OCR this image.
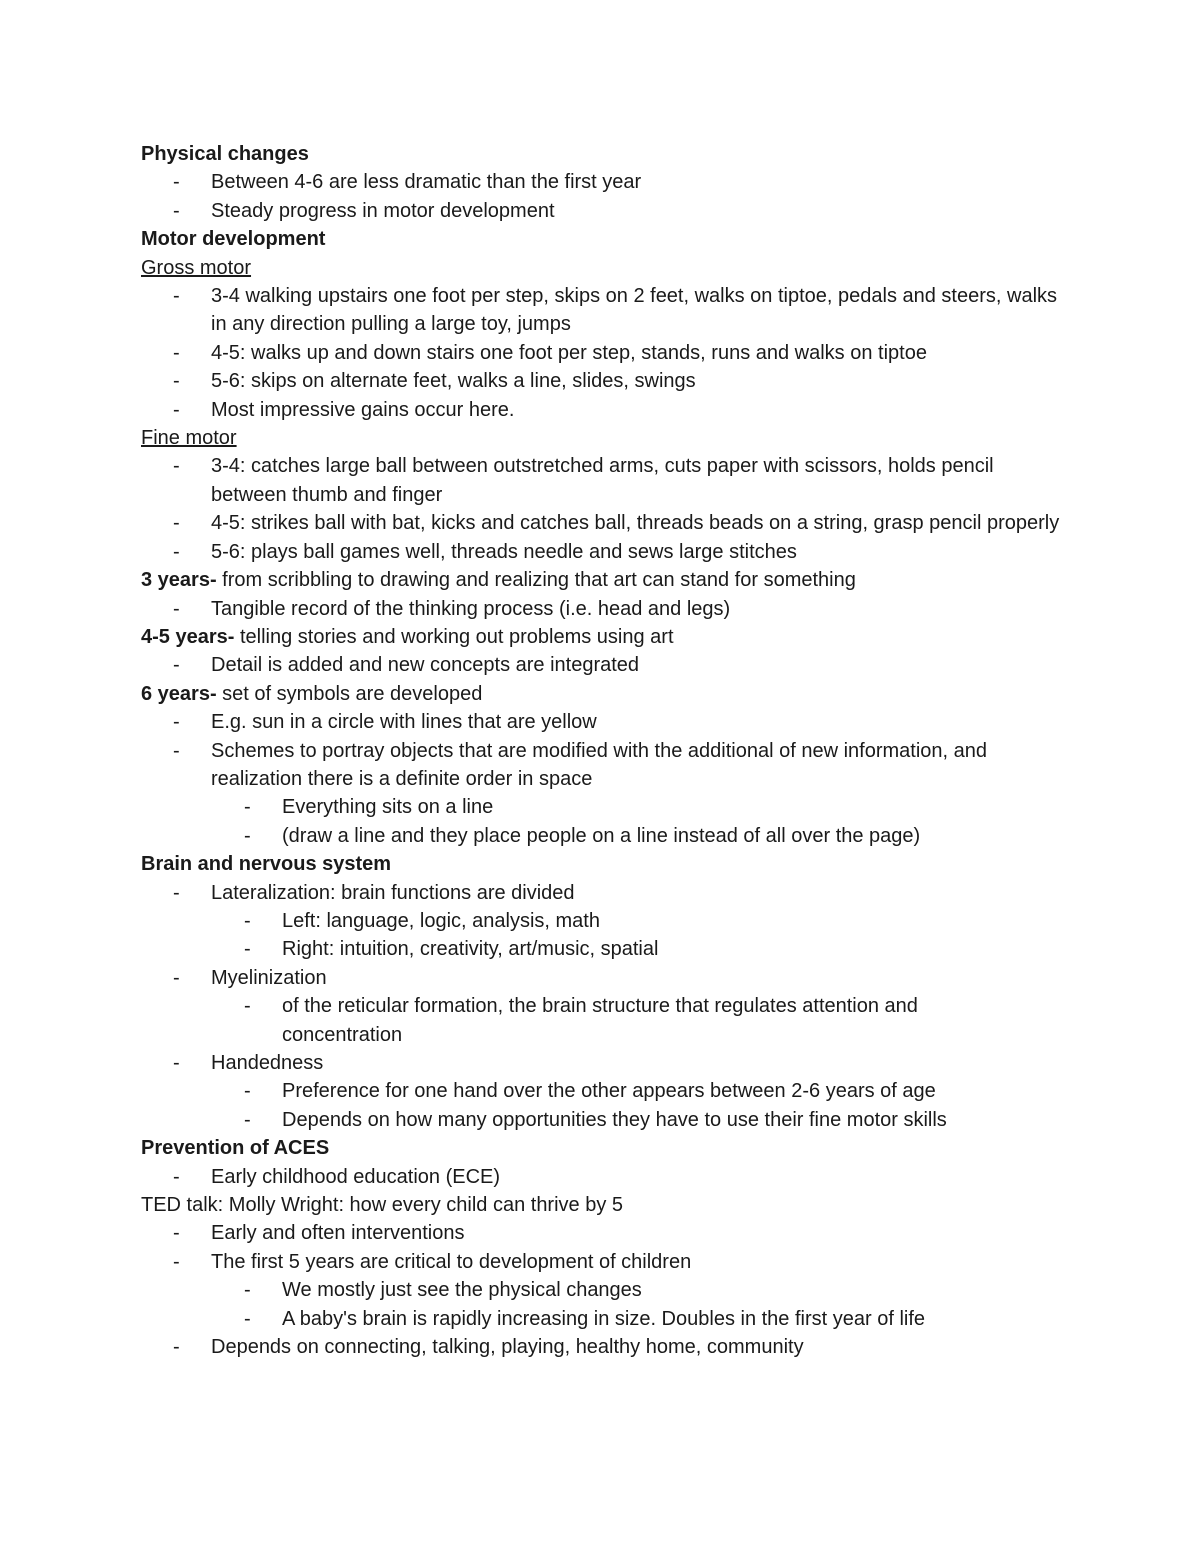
Physical changes
- Between 4-6 are less dramatic than the first year
- Steady progress in motor development
Motor development
Gross motor
- 3-4 walking upstairs one foot per step, skips on 2 feet, walks on tiptoe, pedals and steers, walks in any direction pulling a large toy, jumps
- 4-5: walks up and down stairs one foot per step, stands, runs and walks on tiptoe
- 5-6: skips on alternate feet, walks a line, slides, swings
- Most impressive gains occur here.
Fine motor
- 3-4: catches large ball between outstretched arms, cuts paper with scissors, holds pencil between thumb and finger
- 4-5: strikes ball with bat, kicks and catches ball, threads beads on a string, grasp pencil properly
- 5-6: plays ball games well, threads needle and sews large stitches
3 years- from scribbling to drawing and realizing that art can stand for something
- Tangible record of the thinking process (i.e. head and legs)
4-5 years- telling stories and working out problems using art
- Detail is added and new concepts are integrated
6 years- set of symbols are developed
- E.g. sun in a circle with lines that are yellow
- Schemes to portray objects that are modified with the additional of new information, and realization there is a definite order in space
- Everything sits on a line
- (draw a line and they place people on a line instead of all over the page)
Brain and nervous system
- Lateralization: brain functions are divided
- Left: language, logic, analysis, math
- Right: intuition, creativity, art/music, spatial
- Myelinization
- of the reticular formation, the brain structure that regulates attention and concentration
- Handedness
- Preference for one hand over the other appears between 2-6 years of age
- Depends on how many opportunities they have to use their fine motor skills
Prevention of ACES
- Early childhood education (ECE)
TED talk: Molly Wright: how every child can thrive by 5
- Early and often interventions
- The first 5 years are critical to development of children
- We mostly just see the physical changes
- A baby's brain is rapidly increasing in size. Doubles in the first year of life
- Depends on connecting, talking, playing, healthy home, community
